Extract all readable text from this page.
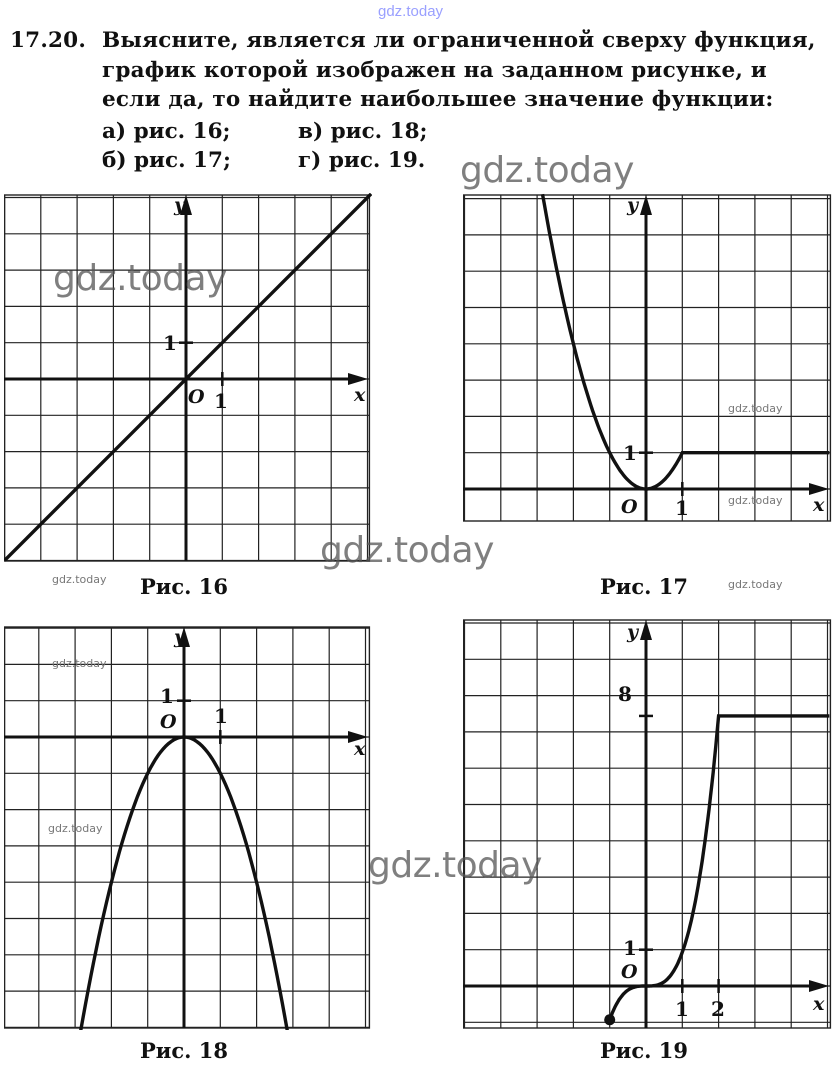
gdz.today
17.20. Выясните, является ли ограниченной сверху функция, график которой изображен на заданном рисунке, и если да, то найдите наибольшее значение функции:
а) рис. 16;	в) рис. 18;
б) рис. 17;	г) рис. 19.
y
x
O 1
1
y
x
O 1
1
y
x
O 1
1
y
x
O
1 2
1
8
Рис. 16	Рис. 17
Рис. 18	Рис. 19
gdz.today
gdz.today
gdz.today
gdz.today
gdz.today
gdz.today
gdz.today	gdz.today
gdz.today
gdz.today
